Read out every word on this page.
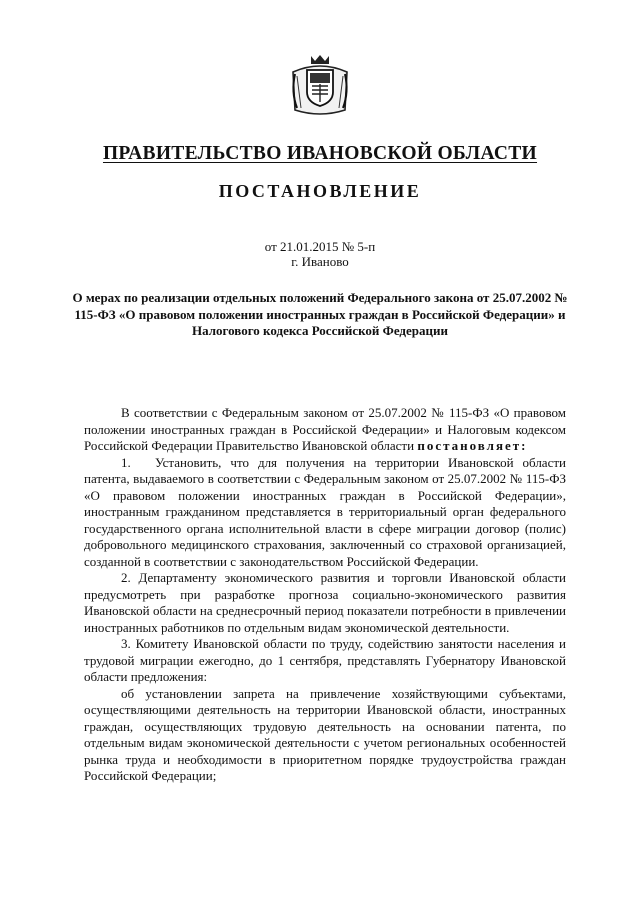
ПРАВИТЕЛЬСТВО ИВАНОВСКОЙ ОБЛАСТИ
ПОСТАНОВЛЕНИЕ
от 21.01.2015 № 5-п
г. Иваново
О мерах по реализации отдельных положений Федерального закона от 25.07.2002 № 115-ФЗ «О правовом положении иностранных граждан в Российской Федерации» и Налогового кодекса Российской Федерации

В соответствии с Федеральным законом от 25.07.2002 № 115-ФЗ «О правовом положении иностранных граждан в Российской Федерации» и Налоговым кодексом Российской Федерации Правительство Ивановской области постановляет:

1. Установить, что для получения на территории Ивановской области патента, выдаваемого в соответствии с Федеральным законом от 25.07.2002 № 115-ФЗ «О правовом положении иностранных граждан в Российской Федерации», иностранным гражданином представляется в территориальный орган федерального государственного органа исполнительной власти в сфере миграции договор (полис) добровольного медицинского страхования, заключенный со страховой организацией, созданной в соответствии с законодательством Российской Федерации.

2. Департаменту экономического развития и торговли Ивановской области предусмотреть при разработке прогноза социально-экономического развития Ивановской области на среднесрочный период показатели потребности в привлечении иностранных работников по отдельным видам экономической деятельности.

3. Комитету Ивановской области по труду, содействию занятости населения и трудовой миграции ежегодно, до 1 сентября, представлять Губернатору Ивановской области предложения:

об установлении запрета на привлечение хозяйствующими субъектами, осуществляющими деятельность на территории Ивановской области, иностранных граждан, осуществляющих трудовую деятельность на основании патента, по отдельным видам экономической деятельности с учетом региональных особенностей рынка труда и необходимости в приоритетном порядке трудоустройства граждан Российской Федерации;
